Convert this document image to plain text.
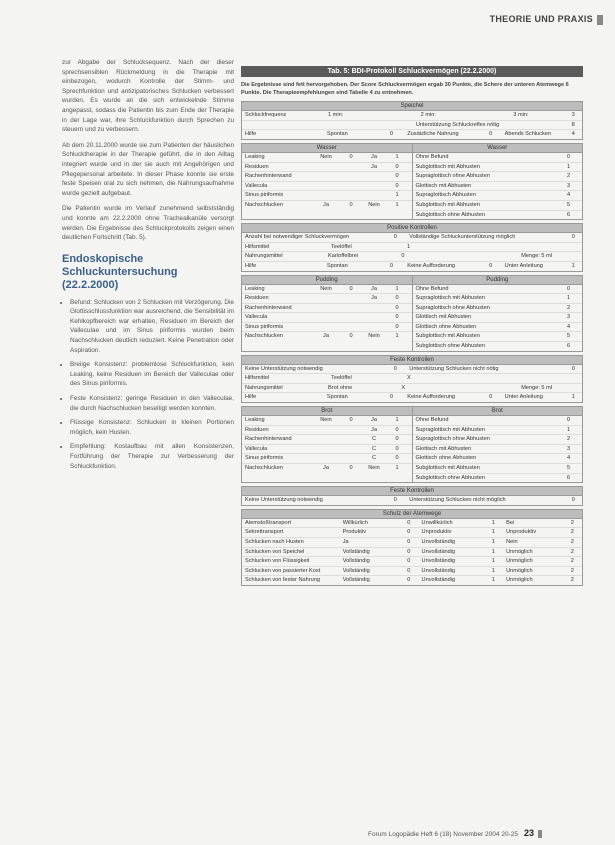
THEORIE UND PRAXIS

zur Abgabe der Schlucksequenz. Nach der dieser sprechsensiblen Rückmeldung in die Therapie mit einbezogen, wodurch Kontrolle der Stimm- und Sprechfunktion und antizipatorisches Schlucken verbessert wurden. Es wurde an die sich entwickelnde Stimme angepasst, sodass die Patientin bis zum Ende der Therapie in der Lage war, ihre Schluckfunktion durch Sprechen zu steuern und zu verbessern.

Ab dem 20.11.2000 wurde sie zum Patienten der häuslichen Schlucktherapie in der Therapie geführt, die in den Alltag integriert wurde und in der sie auch mit Angehörigen und Pflegepersonal arbeitete. In dieser Phase konnte sie erste feste Speisen oral zu sich nehmen, die Nahrungsaufnahme wurde gezielt aufgebaut.

Die Patientin wurde im Verlauf zunehmend selbstständig und konnte am 22.2.2000 ohne Trachealkanüle versorgt werden. Die Ergebnisse des Schluckprotokolls zeigen einen deutlichen Fortschritt (Tab. 5).

Endoskopische Schluckuntersuchung (22.2.2000)
• Befund: Schlucken von 2 Schlucken mit Verzögerung. Die Glottisschlussfunktion war ausreichend, die Sensibilität im Kehlkopfbereich war erhalten, Residuen im Bereich der Valleculae und im Sinus piriformis wurden beim Nachschlucken deutlich reduziert. Keine Penetration oder Aspiration.
• Breiige Konsistenz: problemlose Schluckfunktion, kein Leaking, keine Residuen im Bereich der Valleculae oder des Sinus piriformis.
• Feste Konsistenz: geringe Residuen in den Valleculae, die durch Nachschlucken beseitigt werden konnten.
• Flüssige Konsistenz: Schlucken in kleinen Portionen möglich, kein Husten.
• Empfehlung: Kostaufbau mit allen Konsistenzen, Fortführung der Therapie zur Verbesserung der Schluckfunktion.
Tab. 5: BDI-Protokoll Schluckvermögen (22.2.2000)
Die Ergebnisse sind fett hervorgehoben. Der Score Schluckvermögen ergab 30 Punkte, die Schere der unteren Atemwege 6 Punkte. Die Therapieempfehlungen sind Tabelle 4 zu entnehmen.
Speichel
Schluckfrequenz	1 min:	2 min:	3 min:	3
Unterstützung Schluckreflex nötig	8
Hilfe	Spontan	0	Zusätzliche Nahrung	0	Abends Schlucken	4
Wasser
Leaking	Nein	0	Ja	1
Residuen	Ja	0
Rachenhinterwand	0
Vallecula	0
Sinus piriformis	1
Nachschlucken	Ja	0	Nein	1
Wasser
Ohne Befund	0
Subglottisch mit Abhusten	1
Supraglottisch ohne Abhusten	2
Glottisch mit Abhusten	3
Supraglottisch Abhusten	4
Subglottisch mit Abhusten	5
Subglottisch ohne Abhusten	6
Positive Kontrollen
Anzahl bei notwendiger Schluckvermögen	0	Vollständige Schluckunterstützung möglich	0
Hilfsmittel	Teelöffel	1
Nahrungsmittel	Kartoffelbrei	0	Menge: 5 ml
Hilfe	Spontan	0	Keine Aufforderung	0	Unter Anleitung	1
Pudding
Leaking	Nein	0	Ja	1
Residuen	Ja	0
Rachenhinterwand	0
Vallecula	0
Sinus piriformis	0
Nachschlucken	Ja	0	Nein	1
Pudding
Ohne Befund	0
Supraglottisch mit Abhusten	1
Supraglottisch ohne Abhusten	2
Glottisch mit Abhusten	3
Glottisch ohne Abhusten	4
Subglottisch mit Abhusten	5
Subglottisch ohne Abhusten	6
Feste Kontrollen
Keine Unterstützung notwendig	0	Unterstützung Schlucken nicht nötig	0
Hilfsmittel	Teelöffel	X
Nahrungsmittel	Brot ohne	X	Menge: 5 ml
Hilfe	Spontan	0	Keine Aufforderung	0	Unter Anleitung	1
Brot
Leaking	Nein	0	Ja	1
Residuen	Ja	0
Rachenhinterwand	C	0
Vallecula	C	0
Sinus piriformis	C	0
Nachschlucken	Ja	0	Nein	1
Brot
Ohne Befund	0
Supraglottisch mit Abhusten	1
Supraglottisch ohne Abhusten	2
Glottisch mit Abhusten	3
Glottisch ohne Abhusten	4
Subglottisch mit Abhusten	5
Subglottisch ohne Abhusten	6
Feste Kontrollen
Keine Unterstützung notwendig	0	Unterstützung Schlucken nicht möglich	0
Schutz der Atemwege
Atemstoßtransport	Willkürlich	0	Unwillkürlich	1	Bei	2
Sekrettransport	Produktiv	0	Unproduktiv	1	Unproduktiv	2
Schlucken nach Husten	Ja	0	Unvollständig	1	Nein	2
Schlucken von Speichel	Vollständig	0	Unvollständig	1	Unmöglich	2
Schlucken von Flüssigkeit	Vollständig	0	Unvollständig	1	Unmöglich	2
Schlucken von passierter Kost	Vollständig	0	Unvollständig	1	Unmöglich	2
Schlucken von fester Nahrung	Vollständig	0	Unvollständig	1	Unmöglich	2
Forum Logopädie Heft 6 (18) November 2004 20-25 23
